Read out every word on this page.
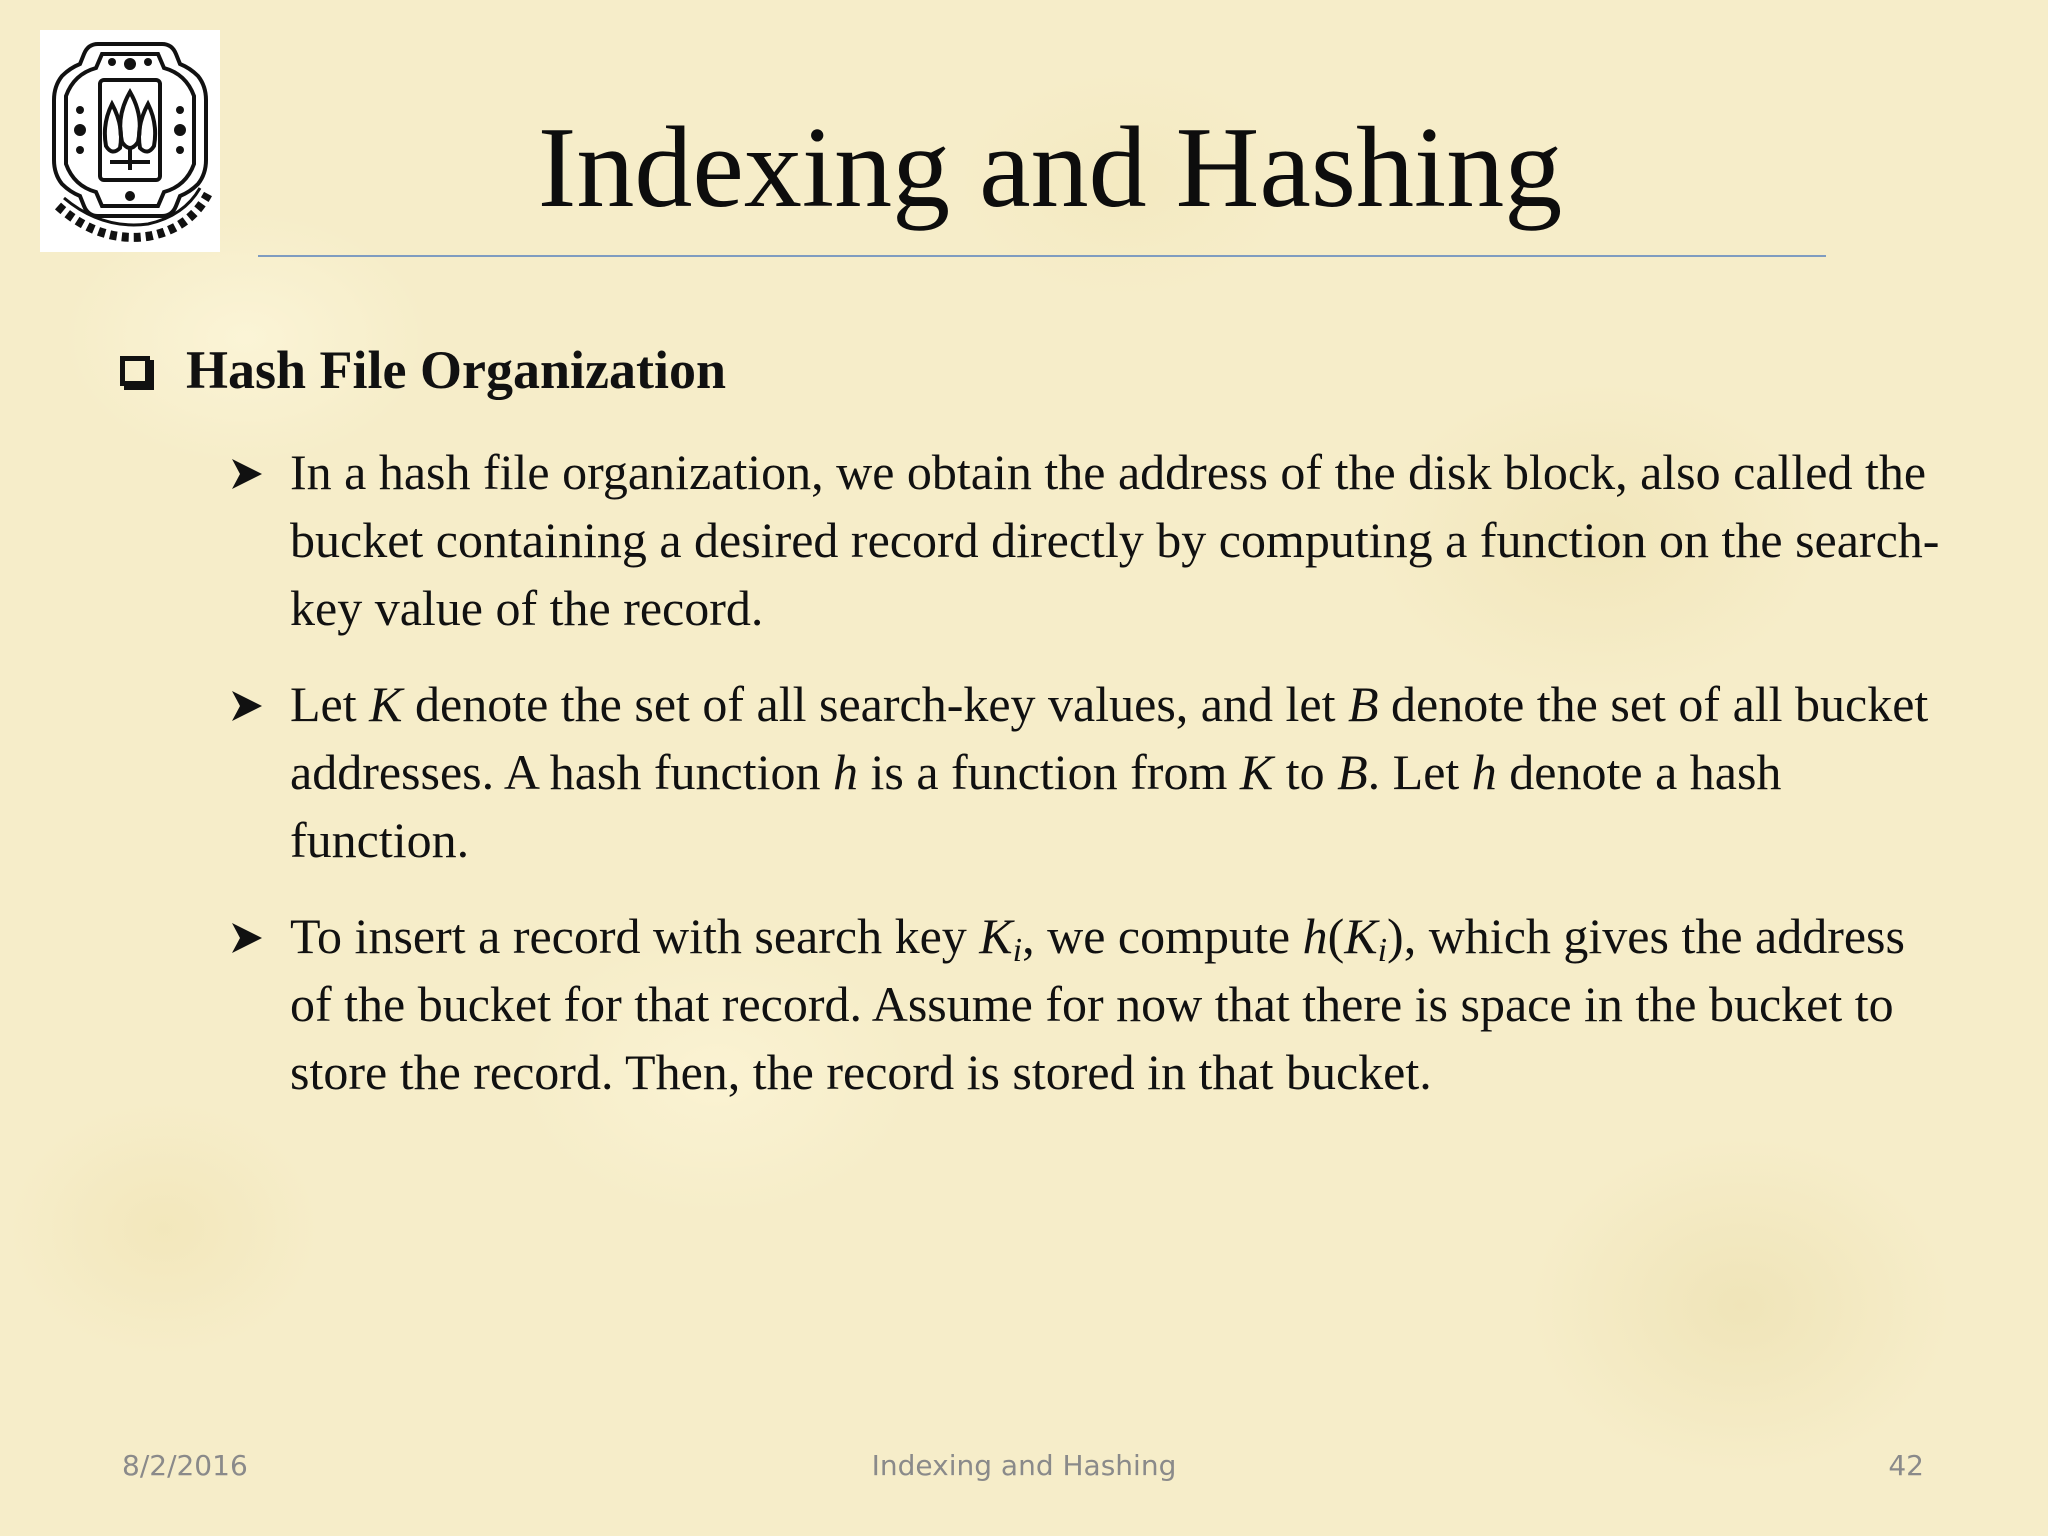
Indexing and Hashing
Hash File Organization
In a hash file organization, we obtain the address of the disk block, also called the bucket containing a desired record directly by computing a function on the search-key value of the record.
Let K denote the set of all search-key values, and let B denote the set of all bucket addresses. A hash function h is a function from K to B. Let h denote a hash function.
To insert a record with search key $K_i$, we compute $h(K_i)$, which gives the address of the bucket for that record. Assume for now that there is space in the bucket to store the record. Then, the record is stored in that bucket.
8/2/2016	Indexing and Hashing	42
